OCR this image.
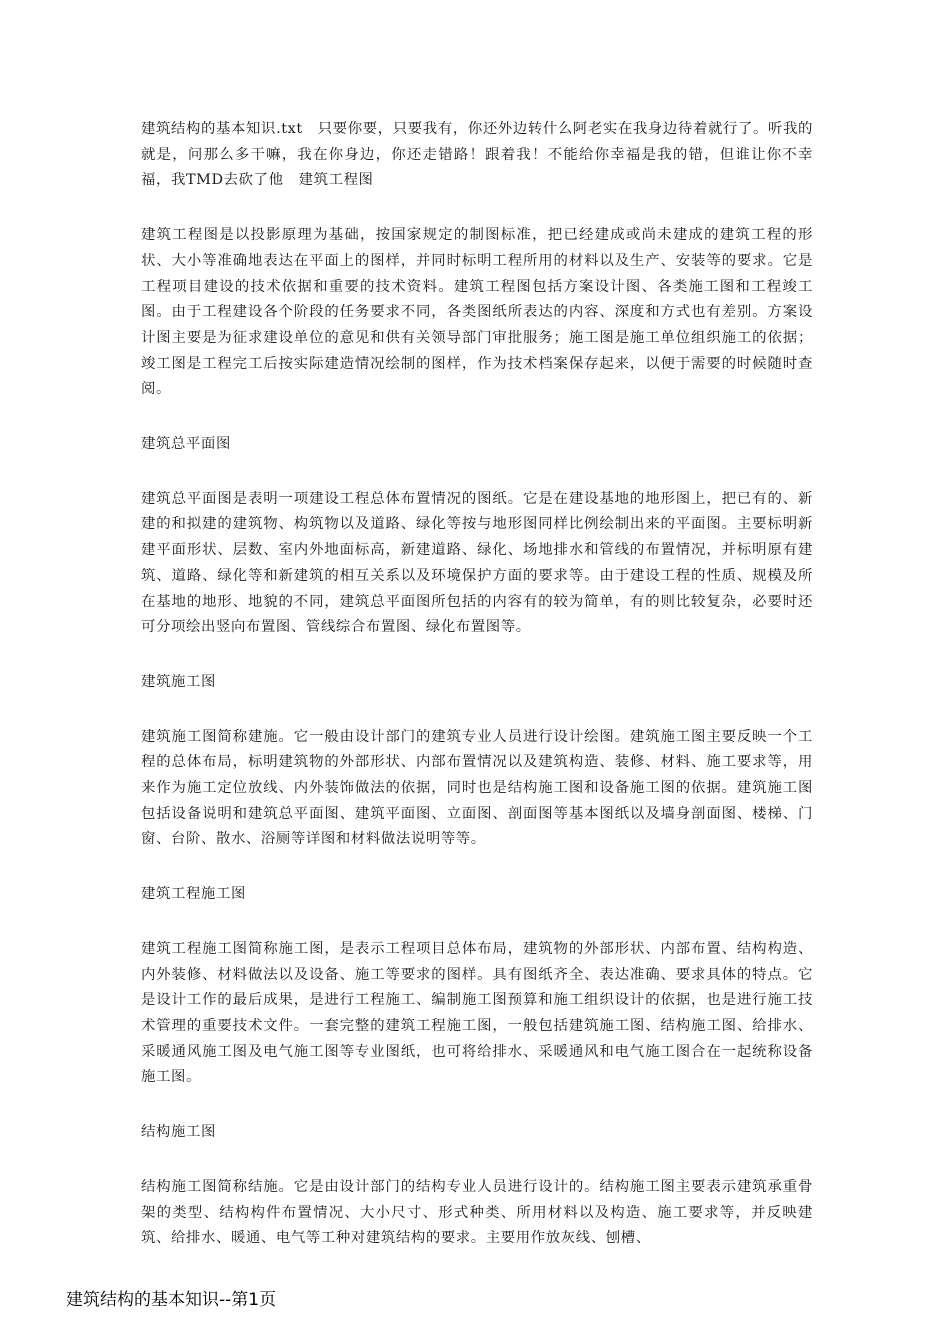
建筑结构的基本知识.txt　只要你要，只要我有，你还外边转什么阿老实在我身边待着就行了。听我的就是，问那么多干嘛，我在你身边，你还走错路！跟着我！不能给你幸福是我的错，但谁让你不幸福，我TMD去砍了他　建筑工程图

建筑工程图是以投影原理为基础，按国家规定的制图标准，把已经建成或尚未建成的建筑工程的形状、大小等准确地表达在平面上的图样，并同时标明工程所用的材料以及生产、安装等的要求。它是工程项目建设的技术依据和重要的技术资料。建筑工程图包括方案设计图、各类施工图和工程竣工图。由于工程建设各个阶段的任务要求不同，各类图纸所表达的内容、深度和方式也有差别。方案设计图主要是为征求建设单位的意见和供有关领导部门审批服务；施工图是施工单位组织施工的依据；竣工图是工程完工后按实际建造情况绘制的图样，作为技术档案保存起来，以便于需要的时候随时查阅。

建筑总平面图

建筑总平面图是表明一项建设工程总体布置情况的图纸。它是在建设基地的地形图上，把已有的、新建的和拟建的建筑物、构筑物以及道路、绿化等按与地形图同样比例绘制出来的平面图。主要标明新建平面形状、层数、室内外地面标高，新建道路、绿化、场地排水和管线的布置情况，并标明原有建筑、道路、绿化等和新建筑的相互关系以及环境保护方面的要求等。由于建设工程的性质、规模及所在基地的地形、地貌的不同，建筑总平面图所包括的内容有的较为简单，有的则比较复杂，必要时还可分项绘出竖向布置图、管线综合布置图、绿化布置图等。

建筑施工图

建筑施工图简称建施。它一般由设计部门的建筑专业人员进行设计绘图。建筑施工图主要反映一个工程的总体布局，标明建筑物的外部形状、内部布置情况以及建筑构造、装修、材料、施工要求等，用来作为施工定位放线、内外装饰做法的依据，同时也是结构施工图和设备施工图的依据。建筑施工图包括设备说明和建筑总平面图、建筑平面图、立面图、剖面图等基本图纸以及墙身剖面图、楼梯、门窗、台阶、散水、浴厕等详图和材料做法说明等等。

建筑工程施工图

建筑工程施工图简称施工图，是表示工程项目总体布局，建筑物的外部形状、内部布置、结构构造、内外装修、材料做法以及设备、施工等要求的图样。具有图纸齐全、表达准确、要求具体的特点。它是设计工作的最后成果，是进行工程施工、编制施工图预算和施工组织设计的依据，也是进行施工技术管理的重要技术文件。一套完整的建筑工程施工图，一般包括建筑施工图、结构施工图、给排水、采暖通风施工图及电气施工图等专业图纸，也可将给排水、采暖通风和电气施工图合在一起统称设备施工图。

结构施工图

结构施工图简称结施。它是由设计部门的结构专业人员进行设计的。结构施工图主要表示建筑承重骨架的类型、结构构件布置情况、大小尺寸、形式种类、所用材料以及构造、施工要求等，并反映建筑、给排水、暖通、电气等工种对建筑结构的要求。主要用作放灰线、刨槽、

建筑结构的基本知识--第1页
